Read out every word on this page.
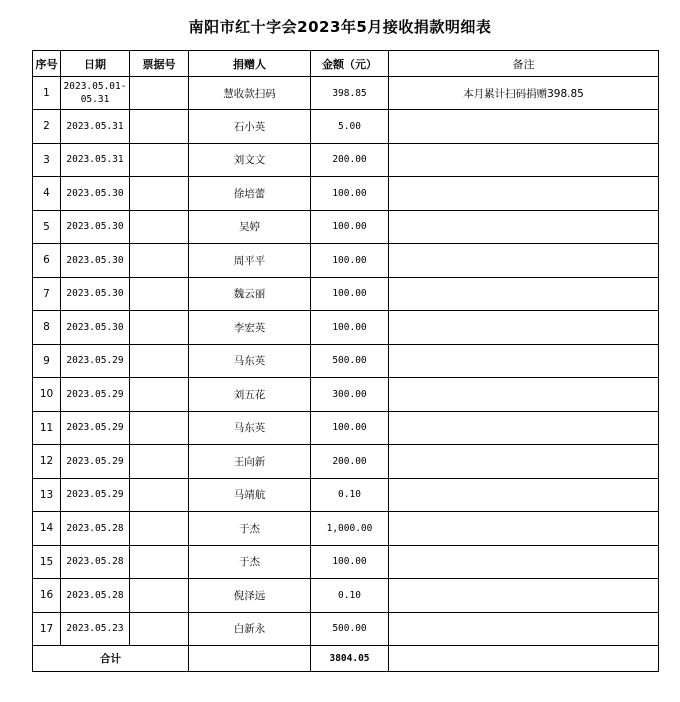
南阳市红十字会2023年5月接收捐款明细表
序号	日期	票据号	捐赠人	金额（元）	备注
1	2023.05.01-05.31		慧收款扫码	398.85	本月累计扫码捐赠398.85
2	2023.05.31		石小英	5.00	
3	2023.05.31		刘文文	200.00	
4	2023.05.30		徐培蕾	100.00	
5	2023.05.30		吴婷	100.00	
6	2023.05.30		周平平	100.00	
7	2023.05.30		魏云丽	100.00	
8	2023.05.30		李宏英	100.00	
9	2023.05.29		马东英	500.00	
10	2023.05.29		刘五花	300.00	
11	2023.05.29		马东英	100.00	
12	2023.05.29		王向新	200.00	
13	2023.05.29		马靖航	0.10	
14	2023.05.28		于杰	1,000.00	
15	2023.05.28		于杰	100.00	
16	2023.05.28		倪泽远	0.10	
17	2023.05.23		白新永	500.00	
合计				3804.05	
